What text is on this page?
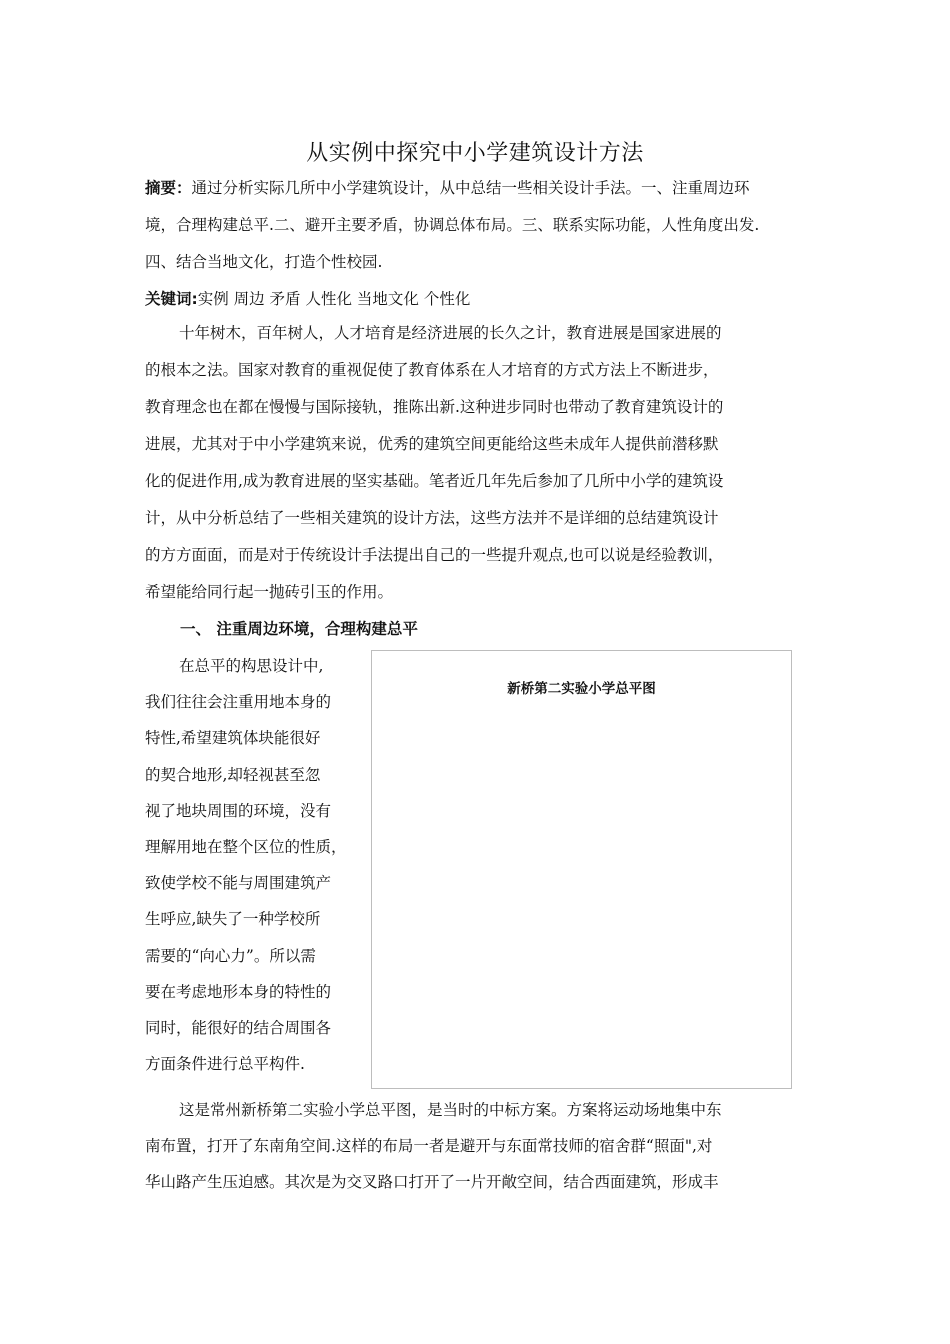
从实例中探究中小学建筑设计方法
摘要：通过分析实际几所中小学建筑设计，从中总结一些相关设计手法。一、注重周边环
境，合理构建总平.二、避开主要矛盾，协调总体布局。三、联系实际功能，人性角度出发.
四、结合当地文化，打造个性校园.
关键词:实例 周边 矛盾 人性化 当地文化 个性化
十年树木，百年树人，人才培育是经济进展的长久之计，教育进展是国家进展的
的根本之法。国家对教育的重视促使了教育体系在人才培育的方式方法上不断进步，
教育理念也在都在慢慢与国际接轨，推陈出新.这种进步同时也带动了教育建筑设计的
进展，尤其对于中小学建筑来说，优秀的建筑空间更能给这些未成年人提供前潜移默
化的促进作用,成为教育进展的坚实基础。笔者近几年先后参加了几所中小学的建筑设
计，从中分析总结了一些相关建筑的设计方法，这些方法并不是详细的总结建筑设计
的方方面面，而是对于传统设计手法提出自己的一些提升观点,也可以说是经验教训，
希望能给同行起一抛砖引玉的作用。
一、 注重周边环境，合理构建总平
在总平的构思设计中,
我们往往会注重用地本身的
特性,希望建筑体块能很好
的契合地形,却轻视甚至忽
视了地块周围的环境，没有
理解用地在整个区位的性质，
致使学校不能与周围建筑产
生呼应,缺失了一种学校所
需要的“向心力”。所以需
要在考虑地形本身的特性的
同时，能很好的结合周围各
方面条件进行总平构件.
新桥第二实验小学总平图
这是常州新桥第二实验小学总平图，是当时的中标方案。方案将运动场地集中东
南布置，打开了东南角空间.这样的布局一者是避开与东面常技师的宿舍群“照面",对
华山路产生压迫感。其次是为交叉路口打开了一片开敞空间，结合西面建筑，形成丰
